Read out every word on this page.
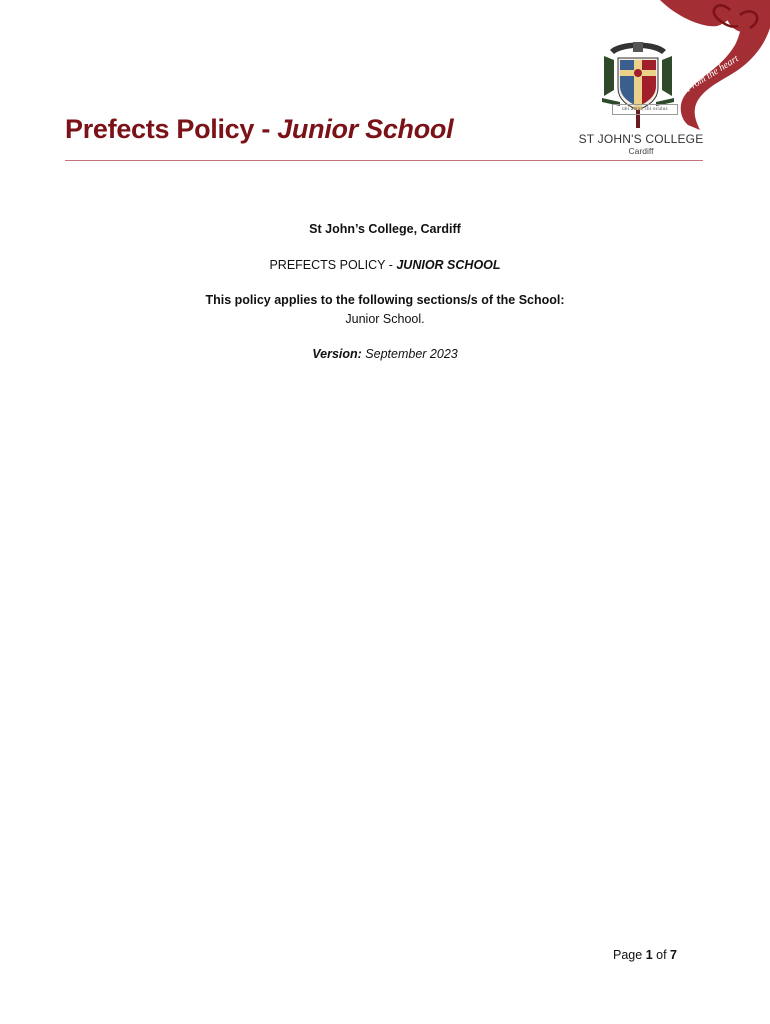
From the heart
ubi amor, ibi oculus
ST JOHN'S COLLEGE
Cardiff
Prefects Policy - Junior School
St John’s College, Cardiff
PREFECTS POLICY - JUNIOR SCHOOL
This policy applies to the following sections/s of the School:
Junior School.
Version: September 2023
Page 1 of 7
